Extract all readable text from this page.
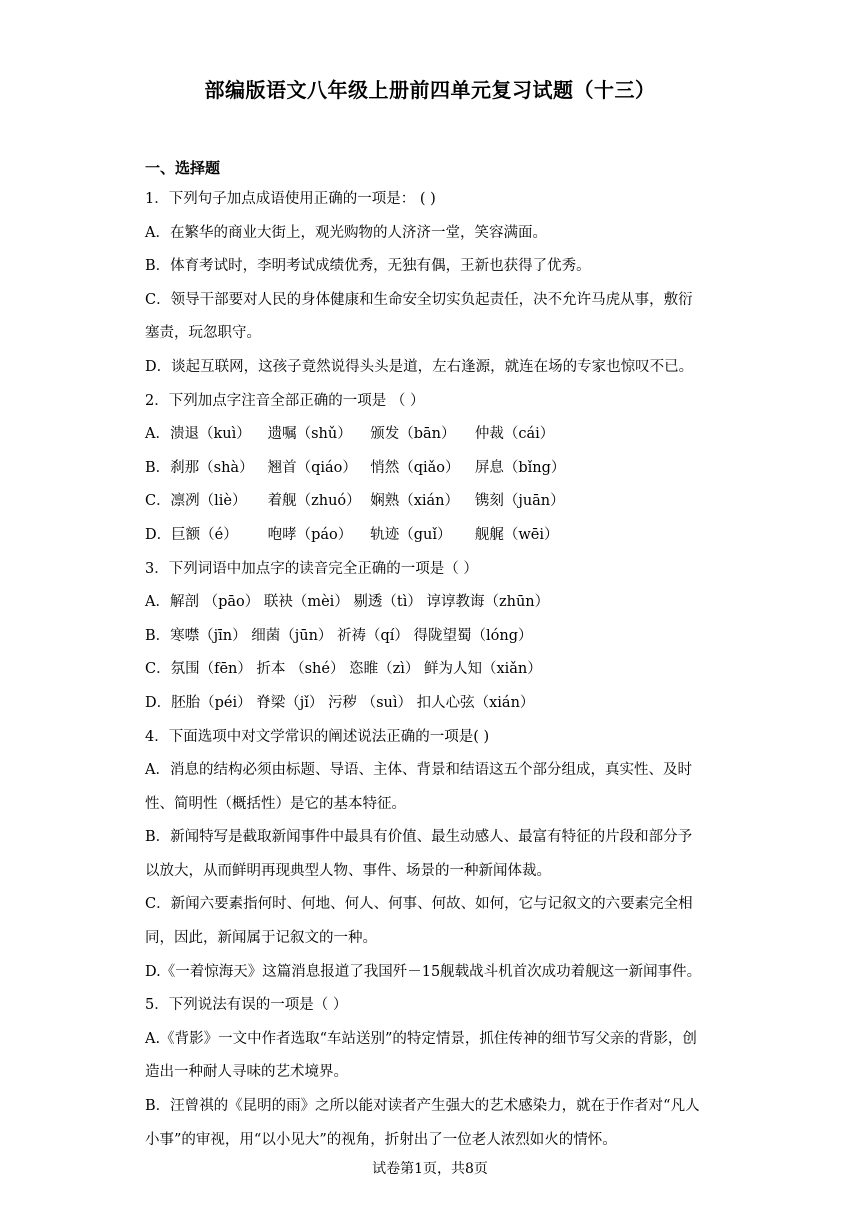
部编版语文八年级上册前四单元复习试题（十三）
一、选择题
1．下列句子加点成语使用正确的一项是： ( )
A．在繁华的商业大街上，观光购物的人济济一堂，笑容满面。
B．体育考试时，李明考试成绩优秀，无独有偶，王新也获得了优秀。
C．领导干部要对人民的身体健康和生命安全切实负起责任，决不允许马虎从事，敷衍
塞责，玩忽职守。
D．谈起互联网，这孩子竟然说得头头是道，左右逢源，就连在场的专家也惊叹不已。
2．下列加点字注音全部正确的一项是 （ ）
A．溃退（kuì） 遗嘱（shǔ） 颁发（bān） 仲裁（cái）
B．刹那（shà） 翘首（qiáo） 悄然（qiǎo） 屏息（bǐng）
C．凛冽（liè） 着舰（zhuó） 娴熟（xián） 镌刻（juān）
D．巨额（é） 咆哮（páo） 轨迹（guǐ） 舰艉（wēi）
3．下列词语中加点字的读音完全正确的一项是（ ）
A．解剖 （pāo） 联袂（mèi） 剔透（tì） 谆谆教诲（zhūn）
B．寒噤（jīn） 细菌（jūn） 祈祷（qí） 得陇望蜀（lóng）
C．氛围（fēn） 折本 （shé） 恣睢（zì） 鲜为人知（xiǎn）
D．胚胎（péi） 脊梁（jǐ） 污秽 （suì） 扣人心弦（xián）
4．下面选项中对文学常识的阐述说法正确的一项是( )
A．消息的结构必须由标题、导语、主体、背景和结语这五个部分组成，真实性、及时
性、简明性（概括性）是它的基本特征。
B．新闻特写是截取新闻事件中最具有价值、最生动感人、最富有特征的片段和部分予
以放大，从而鲜明再现典型人物、事件、场景的一种新闻体裁。
C．新闻六要素指何时、何地、何人、何事、何故、如何，它与记叙文的六要素完全相
同，因此，新闻属于记叙文的一种。
D.《一着惊海天》这篇消息报道了我国歼－15舰载战斗机首次成功着舰这一新闻事件。
5．下列说法有误的一项是（ ）
A.《背影》一文中作者选取“车站送别”的特定情景，抓住传神的细节写父亲的背影，创
造出一种耐人寻味的艺术境界。
B．汪曾祺的《昆明的雨》之所以能对读者产生强大的艺术感染力，就在于作者对“凡人
小事”的审视，用“以小见大”的视角，折射出了一位老人浓烈如火的情怀。
试卷第1页，共8页
